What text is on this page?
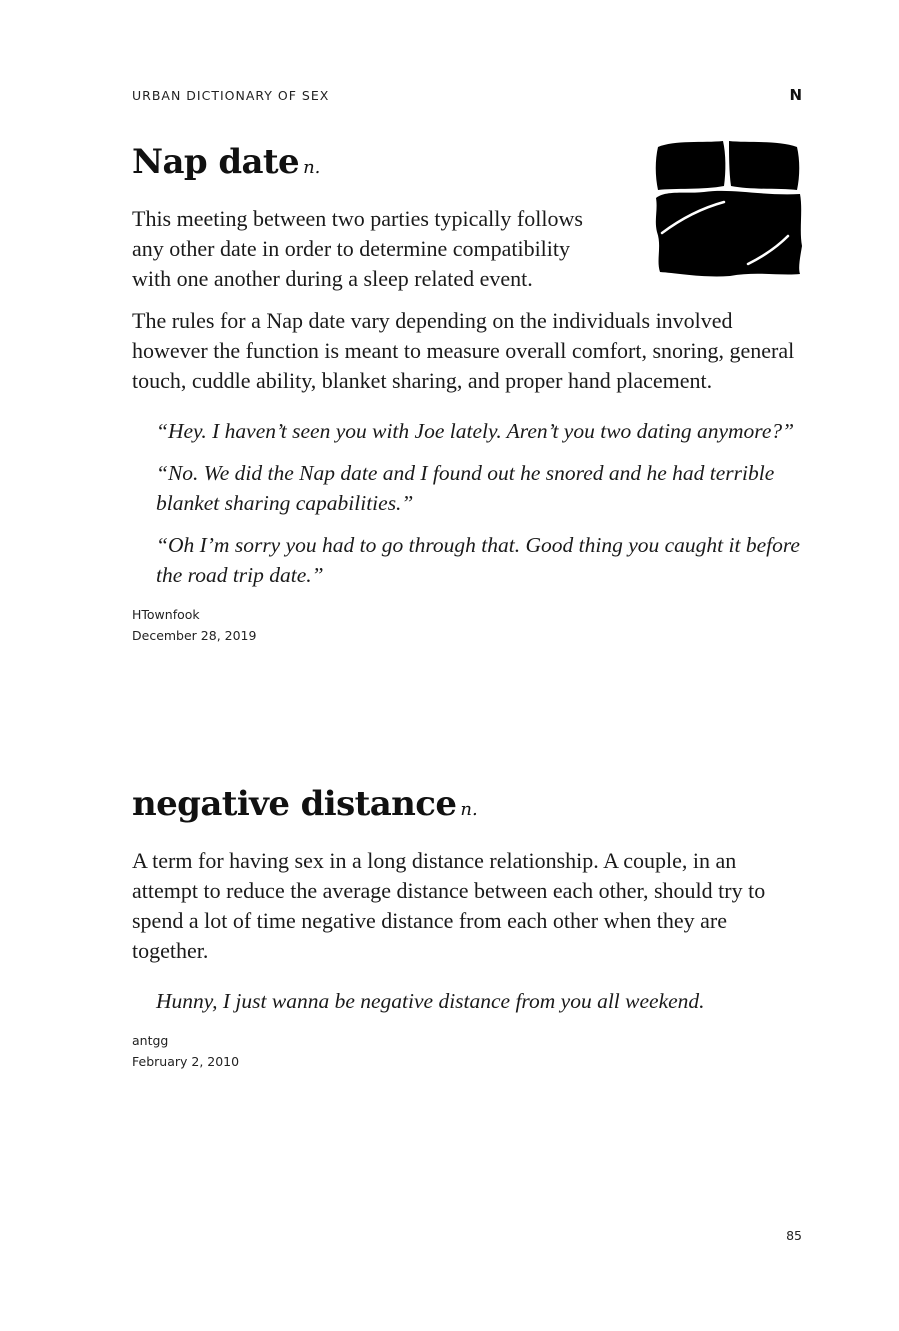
URBAN DICTIONARY OF SEX	N
Nap date n.

This meeting between two parties typically follows any other date in order to determine compatibility with one another during a sleep related event.

The rules for a Nap date vary depending on the individuals involved however the function is meant to measure overall comfort, snoring, general touch, cuddle ability, blanket sharing, and proper hand placement.

“Hey. I haven’t seen you with Joe lately. Aren’t you two dating anymore?”

“No. We did the Nap date and I found out he snored and he had terrible blanket sharing capabilities.”

“Oh I’m sorry you had to go through that. Good thing you caught it before the road trip date.”

HTownfook
December 28, 2019
negative distance n.

A term for having sex in a long distance relationship. A couple, in an attempt to reduce the average distance between each other, should try to spend a lot of time negative distance from each other when they are together.

Hunny, I just wanna be negative distance from you all weekend.

antgg
February 2, 2010
85
